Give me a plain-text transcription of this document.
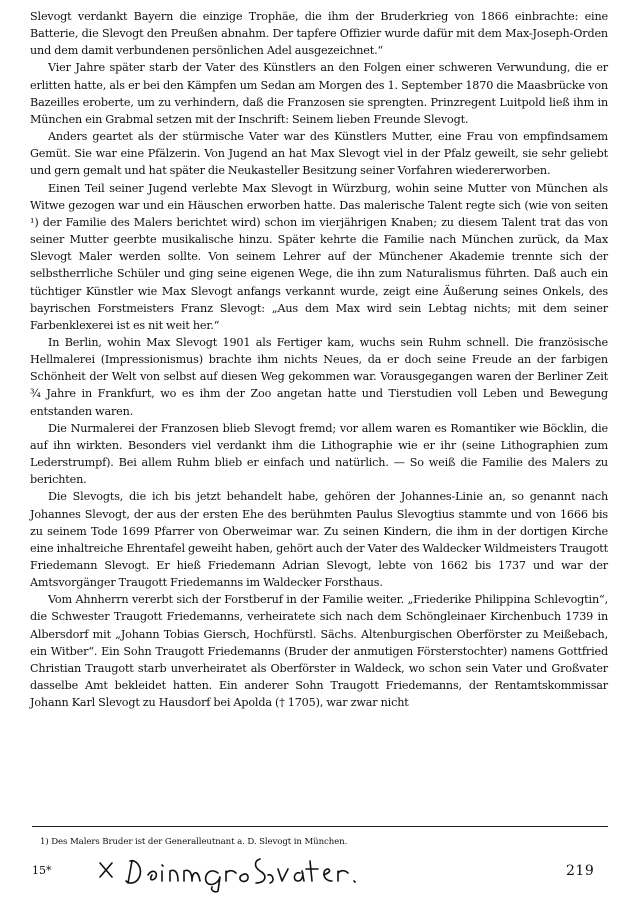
Slevogt verdankt Bayern die einzige Trophäe, die ihm der Bruderkrieg von 1866 einbrachte: eine Batterie, die Slevogt den Preußen abnahm. Der tapfere Offizier wurde dafür mit dem Max-Joseph-Orden und dem damit verbundenen persönlichen Adel ausgezeichnet.“

Vier Jahre später starb der Vater des Künstlers an den Folgen einer schweren Verwundung, die er erlitten hatte, als er bei den Kämpfen um Sedan am Morgen des 1. September 1870 die Maasbrücke von Bazeilles eroberte, um zu verhindern, daß die Franzosen sie sprengten. Prinzregent Luitpold ließ ihm in München ein Grabmal setzen mit der Inschrift: Seinem lieben Freunde Slevogt.

Anders geartet als der stürmische Vater war des Künstlers Mutter, eine Frau von empfindsamem Gemüt. Sie war eine Pfälzerin. Von Jugend an hat Max Slevogt viel in der Pfalz geweilt, sie sehr geliebt und gern gemalt und hat später die Neukasteller Besitzung seiner Vorfahren wiedererworben.

Einen Teil seiner Jugend verlebte Max Slevogt in Würzburg, wohin seine Mutter von München als Witwe gezogen war und ein Häuschen erworben hatte. Das malerische Talent regte sich (wie von seiten ¹) der Familie des Malers berichtet wird) schon im vierjährigen Knaben; zu diesem Talent trat das von seiner Mutter geerbte musikalische hinzu. Später kehrte die Familie nach München zurück, da Max Slevogt Maler werden sollte. Von seinem Lehrer auf der Münchener Akademie trennte sich der selbstherrliche Schüler und ging seine eigenen Wege, die ihn zum Naturalismus führten. Daß auch ein tüchtiger Künstler wie Max Slevogt anfangs verkannt wurde, zeigt eine Äußerung seines Onkels, des bayrischen Forstmeisters Franz Slevogt: „Aus dem Max wird sein Lebtag nichts; mit dem seiner Farbenklexerei ist es nit weit her.“

In Berlin, wohin Max Slevogt 1901 als Fertiger kam, wuchs sein Ruhm schnell. Die französische Hellmalerei (Impressionismus) brachte ihm nichts Neues, da er doch seine Freude an der farbigen Schönheit der Welt von selbst auf diesen Weg gekommen war. Vorausgegangen waren der Berliner Zeit ¾ Jahre in Frankfurt, wo es ihm der Zoo angetan hatte und Tierstudien voll Leben und Bewegung entstanden waren.

Die Nurmalerei der Franzosen blieb Slevogt fremd; vor allem waren es Romantiker wie Böcklin, die auf ihn wirkten. Besonders viel verdankt ihm die Lithographie wie er ihr (seine Lithographien zum Lederstrumpf). Bei allem Ruhm blieb er einfach und natürlich. — So weiß die Familie des Malers zu berichten.

Die Slevogts, die ich bis jetzt behandelt habe, gehören der Johannes-Linie an, so genannt nach Johannes Slevogt, der aus der ersten Ehe des berühmten Paulus Slevogtius stammte und von 1666 bis zu seinem Tode 1699 Pfarrer von Oberweimar war. Zu seinen Kindern, die ihm in der dortigen Kirche eine inhaltreiche Ehrentafel geweiht haben, gehört auch der Vater des Waldecker Wildmeisters Traugott Friedemann Slevogt. Er hieß Friedemann Adrian Slevogt, lebte von 1662 bis 1737 und war der Amtsvorgänger Traugott Friedemanns im Waldecker Forsthaus.

Vom Ahnherrn vererbt sich der Forstberuf in der Familie weiter. „Friederike Philippina Schlevogtin“, die Schwester Traugott Friedemanns, verheiratete sich nach dem Schöngleinaer Kirchenbuch 1739 in Albersdorf mit „Johann Tobias Giersch, Hochfürstl. Sächs. Altenburgischen Oberförster zu Meißebach, ein Witber“. Ein Sohn Traugott Friedemanns (Bruder der anmutigen Försterstochter) namens Gottfried Christian Traugott starb unverheiratet als Oberförster in Waldeck, wo schon sein Vater und Großvater dasselbe Amt bekleidet hatten. Ein anderer Sohn Traugott Friedemanns, der Rentamtskommissar Johann Karl Slevogt zu Hausdorf bei Apolda († 1705), war zwar nicht

1) Des Malers Bruder ist der Generalleutnant a. D. Slevogt in München.
15*	219
